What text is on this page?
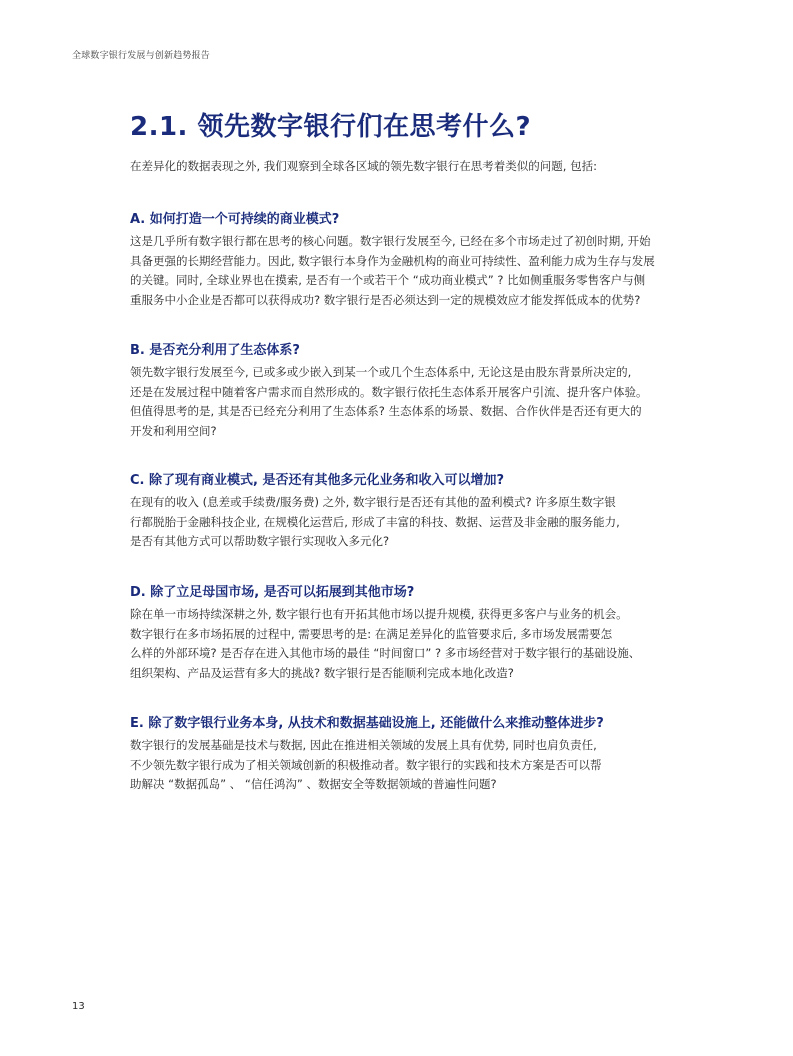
全球数字银行发展与创新趋势报告
2.1. 领先数字银行们在思考什么?

在差异化的数据表现之外, 我们观察到全球各区域的领先数字银行在思考着类似的问题, 包括:

A. 如何打造一个可持续的商业模式?
这是几乎所有数字银行都在思考的核心问题。数字银行发展至今, 已经在多个市场走过了初创时期, 开始
具备更强的长期经营能力。因此, 数字银行本身作为金融机构的商业可持续性、盈利能力成为生存与发展
的关键。同时, 全球业界也在摸索, 是否有一个或若干个 “成功商业模式” ? 比如侧重服务零售客户与侧
重服务中小企业是否都可以获得成功? 数字银行是否必须达到一定的规模效应才能发挥低成本的优势?
B. 是否充分利用了生态体系?
领先数字银行发展至今, 已或多或少嵌入到某一个或几个生态体系中, 无论这是由股东背景所决定的,
还是在发展过程中随着客户需求而自然形成的。数字银行依托生态体系开展客户引流、提升客户体验。
但值得思考的是, 其是否已经充分利用了生态体系? 生态体系的场景、数据、合作伙伴是否还有更大的
开发和利用空间?
C. 除了现有商业模式, 是否还有其他多元化业务和收入可以增加?
在现有的收入 (息差或手续费/服务费) 之外, 数字银行是否还有其他的盈利模式? 许多原生数字银
行都脱胎于金融科技企业, 在规模化运营后, 形成了丰富的科技、数据、运营及非金融的服务能力,
是否有其他方式可以帮助数字银行实现收入多元化?
D. 除了立足母国市场, 是否可以拓展到其他市场?
除在单一市场持续深耕之外, 数字银行也有开拓其他市场以提升规模, 获得更多客户与业务的机会。
数字银行在多市场拓展的过程中, 需要思考的是: 在满足差异化的监管要求后, 多市场发展需要怎
么样的外部环境? 是否存在进入其他市场的最佳 “时间窗口” ? 多市场经营对于数字银行的基础设施、
组织架构、产品及运营有多大的挑战? 数字银行是否能顺利完成本地化改造?
E. 除了数字银行业务本身, 从技术和数据基础设施上, 还能做什么来推动整体进步?
数字银行的发展基础是技术与数据, 因此在推进相关领域的发展上具有优势, 同时也肩负责任,
不少领先数字银行成为了相关领域创新的积极推动者。数字银行的实践和技术方案是否可以帮
助解决 “数据孤岛” 、 “信任鸿沟” 、数据安全等数据领域的普遍性问题?
13
